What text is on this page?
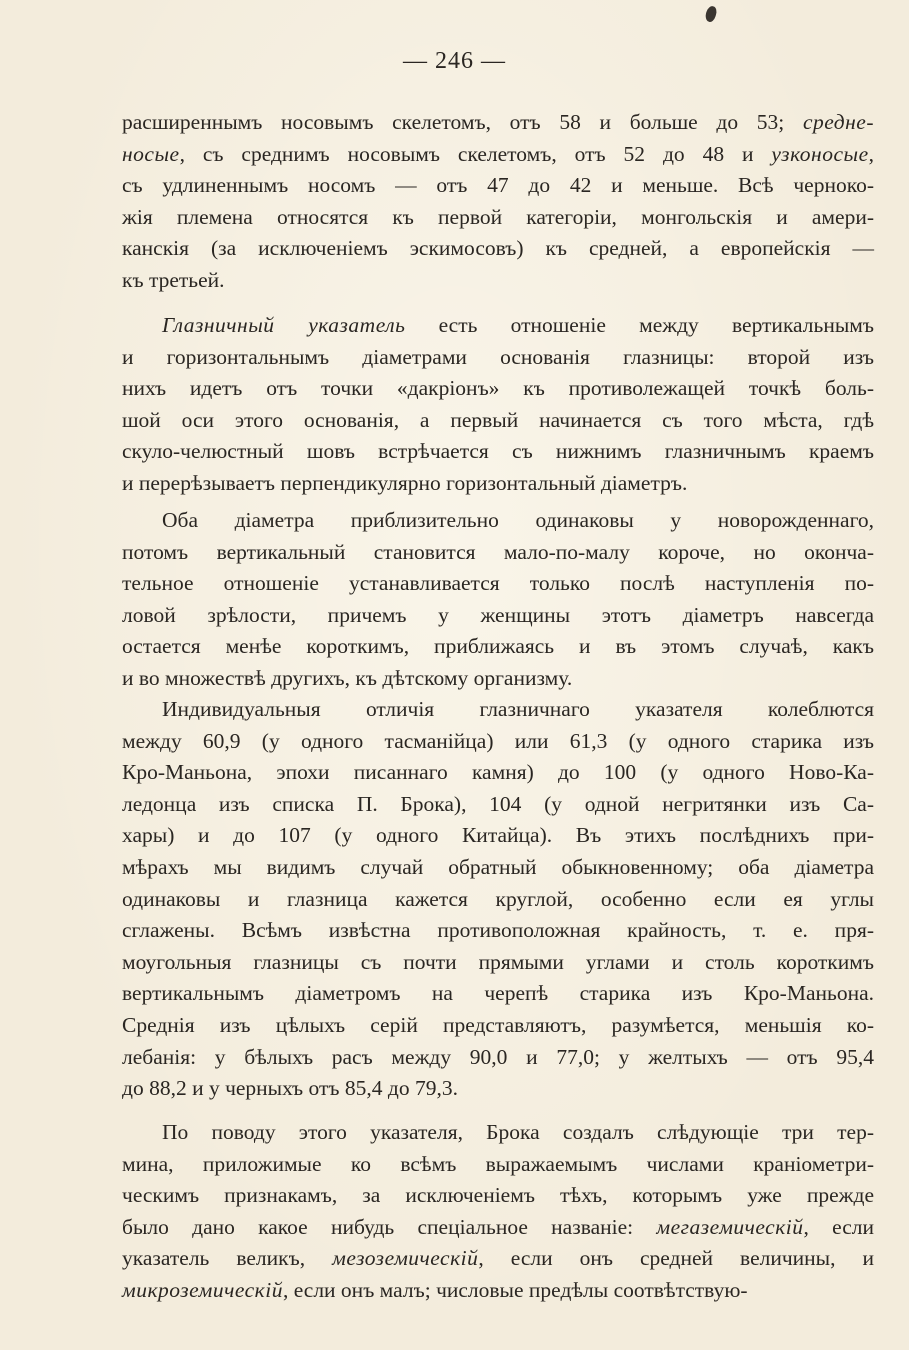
— 246 —
расширеннымъ носовымъ скелетомъ, отъ 58 и больше до 53; средне-
носые, съ среднимъ носовымъ скелетомъ, отъ 52 до 48 и узконосые,
съ удлиненнымъ носомъ — отъ 47 до 42 и меньше. Всѣ черноко-
жія племена относятся къ первой категоріи, монгольскія и амери-
канскія (за исключеніемъ эскимосовъ) къ средней, а европейскія —
къ третьей.
Глазничный указатель есть отношеніе между вертикальнымъ
и горизонтальнымъ діаметрами основанія глазницы: второй изъ
нихъ идетъ отъ точки «дакріонъ» къ противолежащей точкѣ боль-
шой оси этого основанія, а первый начинается съ того мѣста, гдѣ
скуло-челюстный шовъ встрѣчается съ нижнимъ глазничнымъ краемъ
и перерѣзываетъ перпендикулярно горизонтальный діаметръ.
Оба діаметра приблизительно одинаковы у новорожденнаго,
потомъ вертикальный становится мало-по-малу короче, но оконча-
тельное отношеніе устанавливается только послѣ наступленія по-
ловой зрѣлости, причемъ у женщины этотъ діаметръ навсегда
остается менѣе короткимъ, приближаясь и въ этомъ случаѣ, какъ
и во множествѣ другихъ, къ дѣтскому организму.
Индивидуальныя отличія глазничнаго указателя колеблются
между 60,9 (у одного тасманійца) или 61,3 (у одного старика изъ
Кро-Маньона, эпохи писаннаго камня) до 100 (у одного Ново-Ка-
ледонца изъ списка П. Брока), 104 (у одной негритянки изъ Са-
хары) и до 107 (у одного Китайца). Въ этихъ послѣднихъ при-
мѣрахъ мы видимъ случай обратный обыкновенному; оба діаметра
одинаковы и глазница кажется круглой, особенно если ея углы
сглажены. Всѣмъ извѣстна противоположная крайность, т. е. пря-
моугольныя глазницы съ почти прямыми углами и столь короткимъ
вертикальнымъ діаметромъ на черепѣ старика изъ Кро-Маньона.
Среднія изъ цѣлыхъ серій представляютъ, разумѣется, меньшія ко-
лебанія: у бѣлыхъ расъ между 90,0 и 77,0; у желтыхъ — отъ 95,4
до 88,2 и у черныхъ отъ 85,4 до 79,3.
По поводу этого указателя, Брока создалъ слѣдующіе три тер-
мина, приложимые ко всѣмъ выражаемымъ числами краніометри-
ческимъ признакамъ, за исключеніемъ тѣхъ, которымъ уже прежде
было дано какое нибудь спеціальное названіе: мегаземическій, если
указатель великъ, мезоземическій, если онъ средней величины, и
микроземическій, если онъ малъ; числовые предѣлы соотвѣтствую-
